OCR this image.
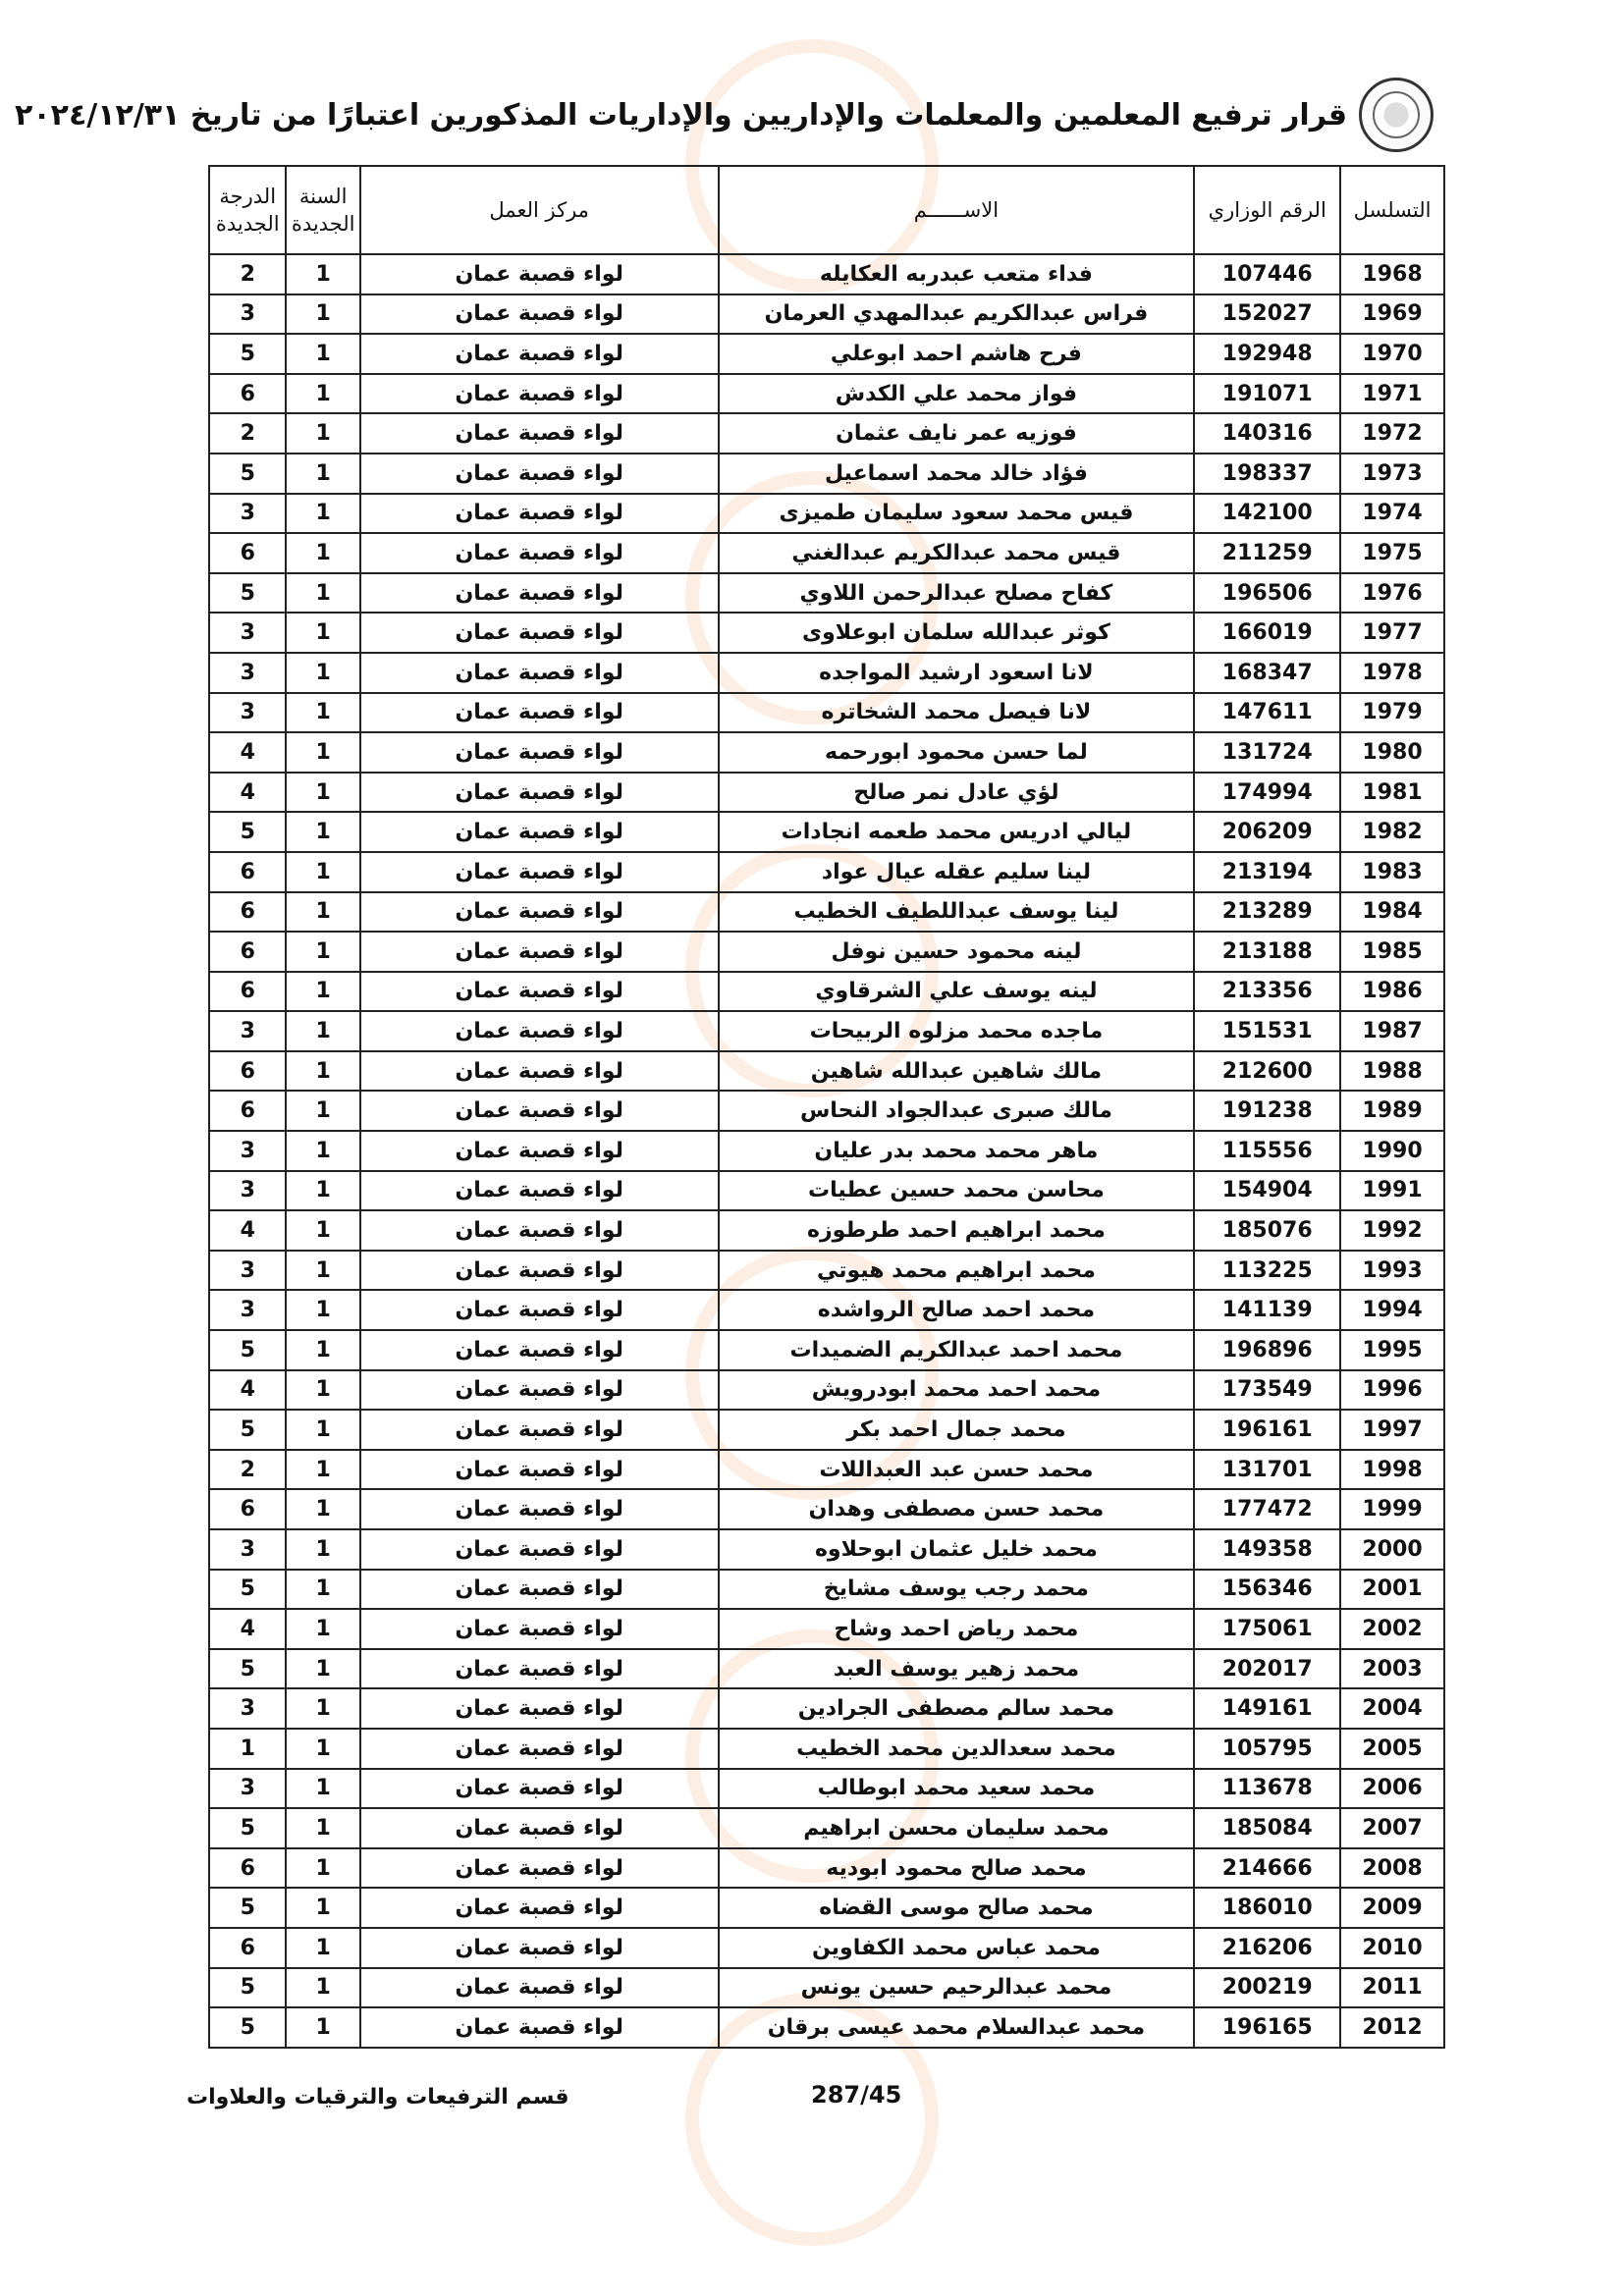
قرار ترفيع المعلمين والمعلمات والإداريين والإداريات المذكورين اعتبارًا من تاريخ ٢٠٢٤/١٢/٣١
التسلسل	الرقم الوزاري	الاســــــم	مركز العمل	السنة الجديدة	الدرجة الجديدة
1968	107446	فداء متعب عبدربه العكايله	لواء قصبة عمان	1	2
1969	152027	فراس عبدالكريم عبدالمهدي العرمان	لواء قصبة عمان	1	3
1970	192948	فرح هاشم احمد ابوعلي	لواء قصبة عمان	1	5
1971	191071	فواز محمد علي الكدش	لواء قصبة عمان	1	6
1972	140316	فوزيه عمر نايف عثمان	لواء قصبة عمان	1	2
1973	198337	فؤاد خالد محمد اسماعيل	لواء قصبة عمان	1	5
1974	142100	قيس محمد سعود سليمان طميزى	لواء قصبة عمان	1	3
1975	211259	قيس محمد عبدالكريم عبدالغني	لواء قصبة عمان	1	6
1976	196506	كفاح مصلح عبدالرحمن اللاوي	لواء قصبة عمان	1	5
1977	166019	كوثر عبدالله سلمان ابوعلاوى	لواء قصبة عمان	1	3
1978	168347	لانا اسعود ارشيد المواجده	لواء قصبة عمان	1	3
1979	147611	لانا فيصل محمد الشخاتره	لواء قصبة عمان	1	3
1980	131724	لما حسن محمود ابورحمه	لواء قصبة عمان	1	4
1981	174994	لؤي عادل نمر صالح	لواء قصبة عمان	1	4
1982	206209	ليالي ادريس محمد طعمه انجادات	لواء قصبة عمان	1	5
1983	213194	لينا سليم عقله عيال عواد	لواء قصبة عمان	1	6
1984	213289	لينا يوسف عبداللطيف الخطيب	لواء قصبة عمان	1	6
1985	213188	لينه محمود حسين نوفل	لواء قصبة عمان	1	6
1986	213356	لينه يوسف علي الشرقاوي	لواء قصبة عمان	1	6
1987	151531	ماجده محمد مزلوه الربيحات	لواء قصبة عمان	1	3
1988	212600	مالك شاهين عبدالله شاهين	لواء قصبة عمان	1	6
1989	191238	مالك صبرى عبدالجواد النحاس	لواء قصبة عمان	1	6
1990	115556	ماهر محمد محمد بدر عليان	لواء قصبة عمان	1	3
1991	154904	محاسن محمد حسين عطيات	لواء قصبة عمان	1	3
1992	185076	محمد ابراهيم احمد طرطوزه	لواء قصبة عمان	1	4
1993	113225	محمد ابراهيم محمد هيوتي	لواء قصبة عمان	1	3
1994	141139	محمد احمد صالح الرواشده	لواء قصبة عمان	1	3
1995	196896	محمد احمد عبدالكريم الضميدات	لواء قصبة عمان	1	5
1996	173549	محمد احمد محمد ابودرويش	لواء قصبة عمان	1	4
1997	196161	محمد جمال احمد بكر	لواء قصبة عمان	1	5
1998	131701	محمد حسن عبد العبداللات	لواء قصبة عمان	1	2
1999	177472	محمد حسن مصطفى وهدان	لواء قصبة عمان	1	6
2000	149358	محمد خليل عثمان ابوحلاوه	لواء قصبة عمان	1	3
2001	156346	محمد رجب يوسف مشايخ	لواء قصبة عمان	1	5
2002	175061	محمد رياض احمد وشاح	لواء قصبة عمان	1	4
2003	202017	محمد زهير يوسف العبد	لواء قصبة عمان	1	5
2004	149161	محمد سالم مصطفى الجرادين	لواء قصبة عمان	1	3
2005	105795	محمد سعدالدين محمد الخطيب	لواء قصبة عمان	1	1
2006	113678	محمد سعيد محمد ابوطالب	لواء قصبة عمان	1	3
2007	185084	محمد سليمان محسن ابراهيم	لواء قصبة عمان	1	5
2008	214666	محمد صالح محمود ابوديه	لواء قصبة عمان	1	6
2009	186010	محمد صالح موسى القضاه	لواء قصبة عمان	1	5
2010	216206	محمد عباس محمد الكفاوين	لواء قصبة عمان	1	6
2011	200219	محمد عبدالرحيم حسين يونس	لواء قصبة عمان	1	5
2012	196165	محمد عبدالسلام محمد عيسى برقان	لواء قصبة عمان	1	5
287/45
قسم الترفيعات والترقيات والعلاوات
